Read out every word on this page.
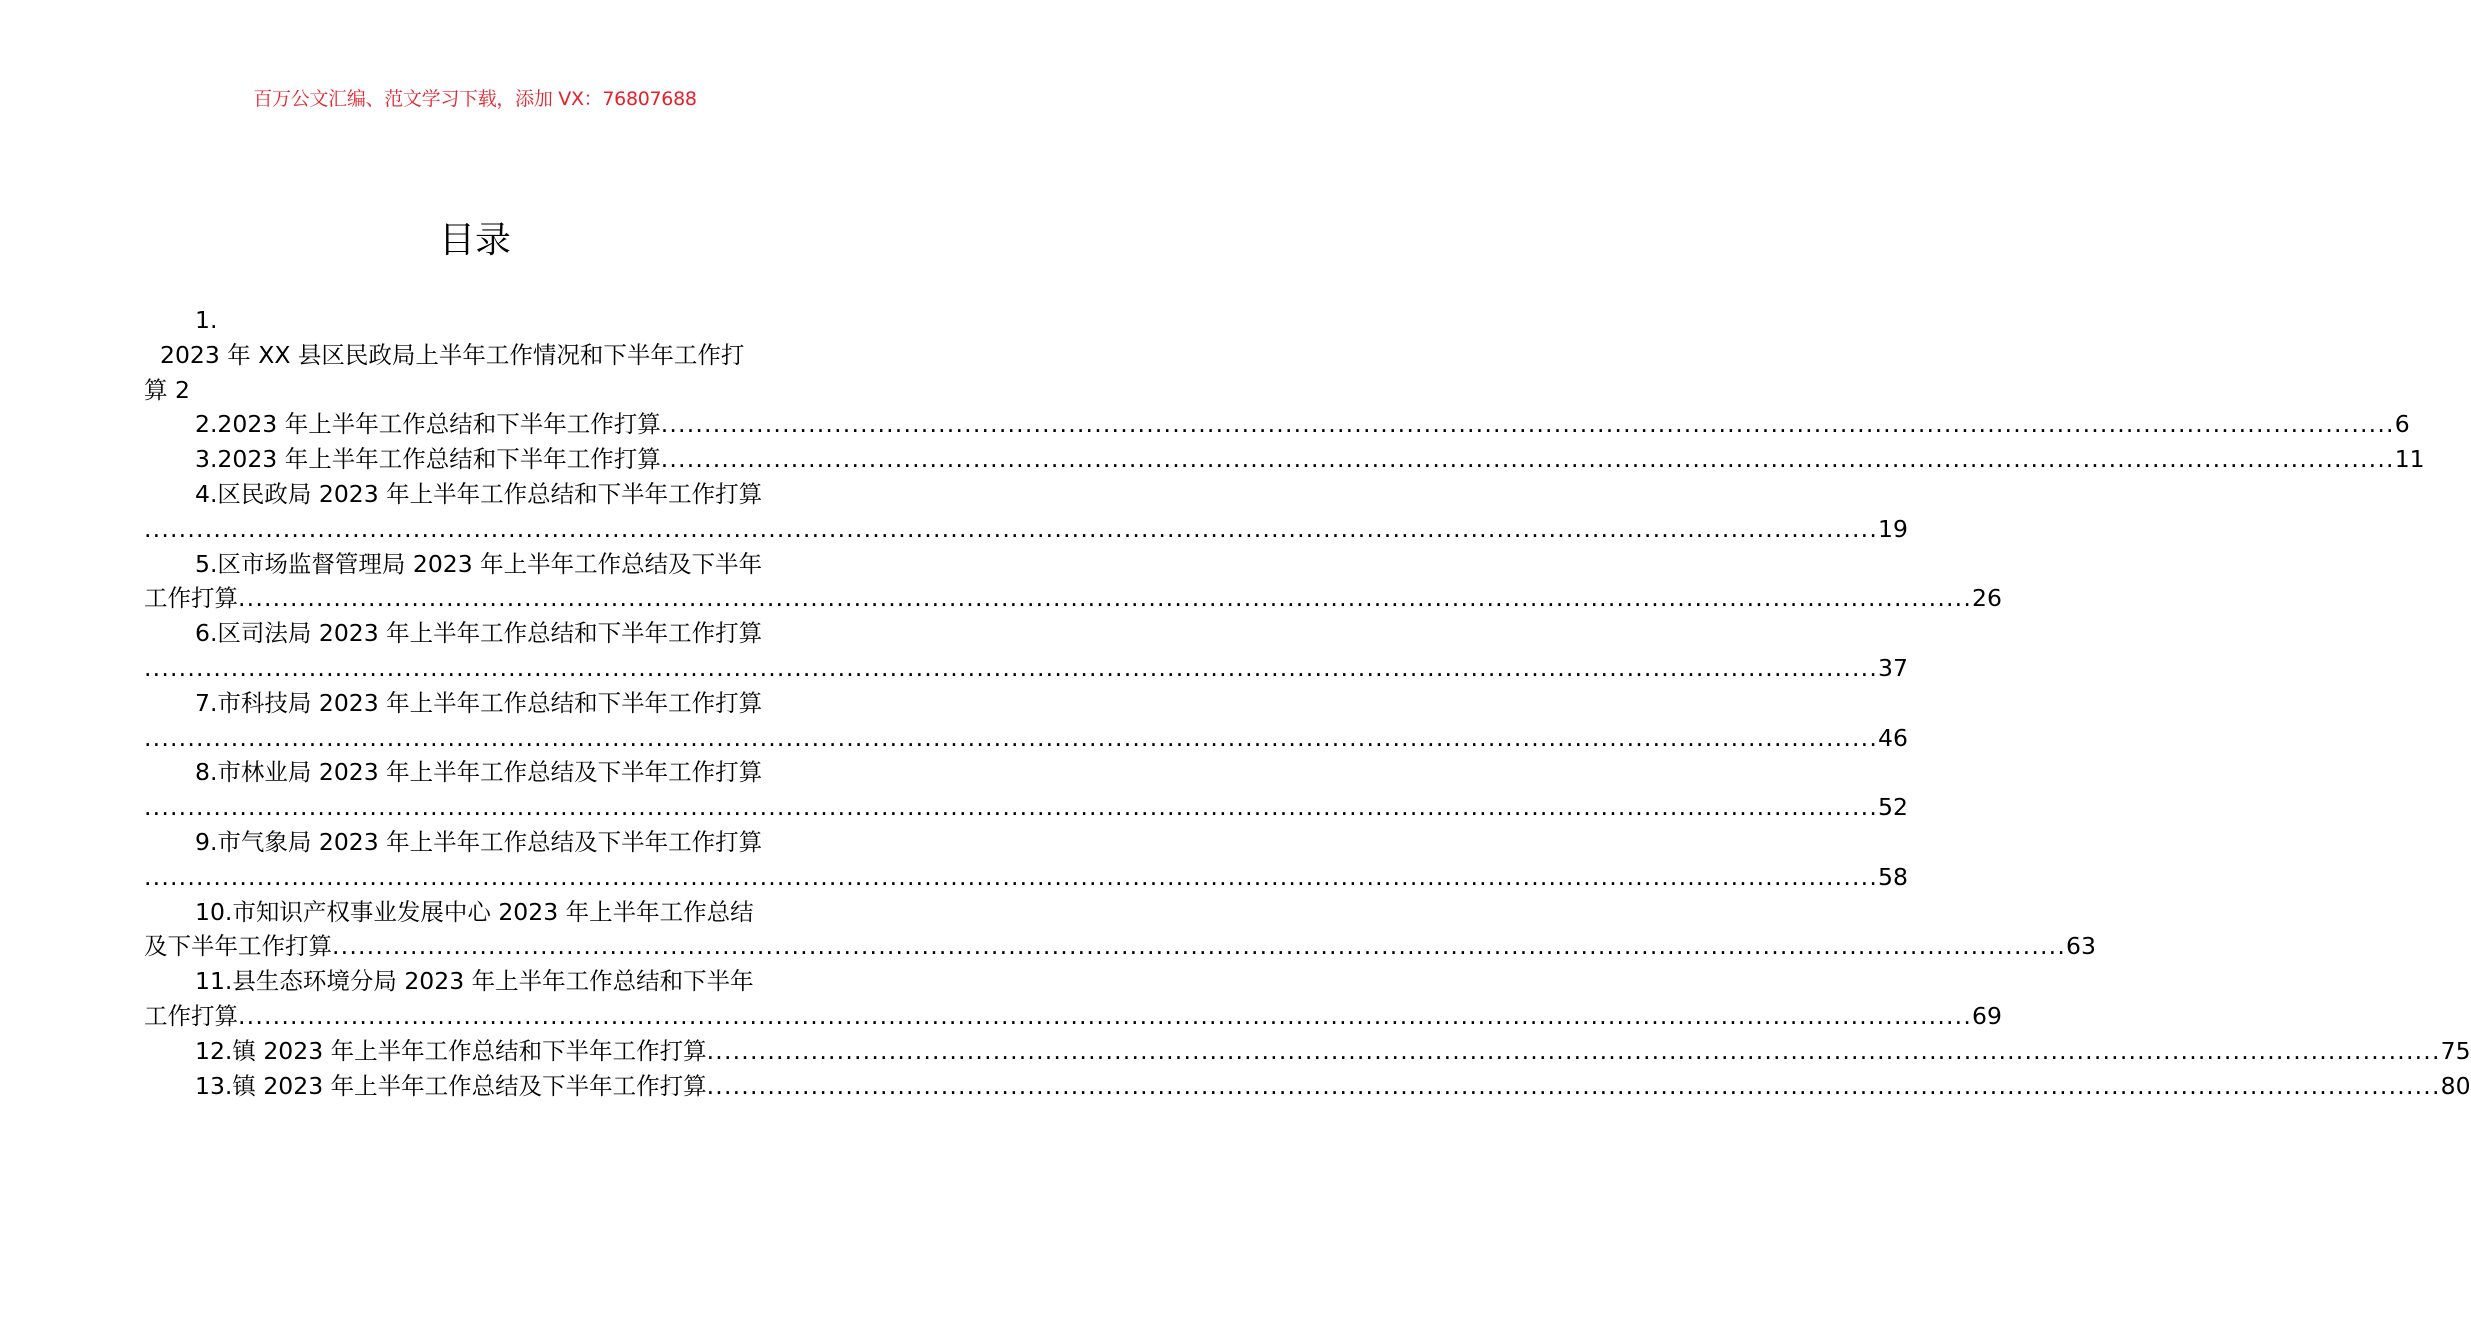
百万公文汇编、范文学习下载，添加 VX：76807688
目录
1.
2023 年 XX 县区民政局上半年工作情况和下半年工作打
算
2
2.2023 年上半年工作总结和下半年工作打算 ........................................................................................................................................................................................................ 6
3.2023 年上半年工作总结和下半年工作打算 ........................................................................................................................................................................................................ 11
4.区民政局 2023 年上半年工作总结和下半年工作打算
........................................................................................................................................................................................................ 19
5.区市场监督管理局 2023 年上半年工作总结及下半年
工作打算 ........................................................................................................................................................................................................ 26
6.区司法局 2023 年上半年工作总结和下半年工作打算
........................................................................................................................................................................................................ 37
7.市科技局 2023 年上半年工作总结和下半年工作打算
........................................................................................................................................................................................................ 46
8.市林业局 2023 年上半年工作总结及下半年工作打算
........................................................................................................................................................................................................ 52
9.市气象局 2023 年上半年工作总结及下半年工作打算
........................................................................................................................................................................................................ 58
10.市知识产权事业发展中心 2023 年上半年工作总结
及下半年工作打算 ........................................................................................................................................................................................................ 63
11.县生态环境分局 2023 年上半年工作总结和下半年
工作打算 ........................................................................................................................................................................................................ 69
12.镇 2023 年上半年工作总结和下半年工作打算 ........................................................................................................................................................................................................ 75
13.镇 2023 年上半年工作总结及下半年工作打算 ........................................................................................................................................................................................................ 80
